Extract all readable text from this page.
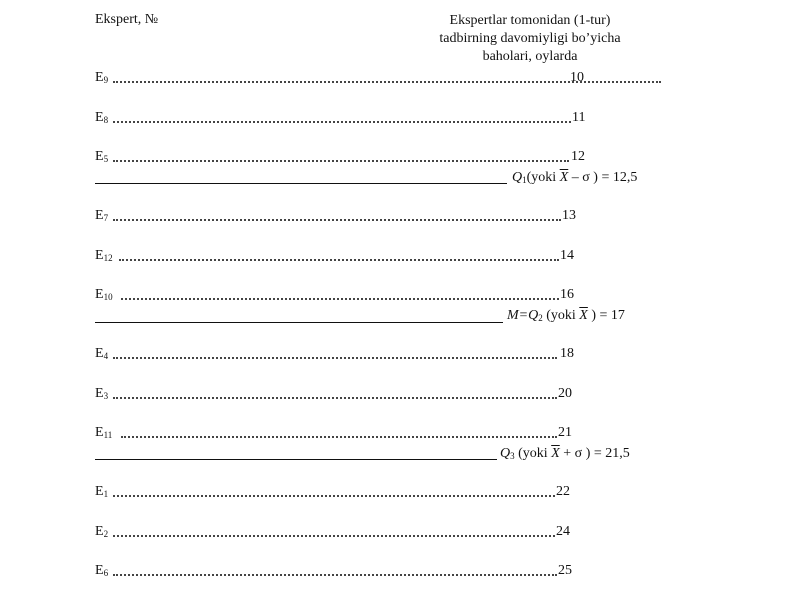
Ekspert, №	Ekspertlar tomonidan (1-tur)
tadbirning davomiyligi bo’yicha
baholari, oylarda
$E_9$	10
$E_8$	11
$E_5$	12
$Q_1(yoki$ $\overline{X}$ – σ ) = 12,5
$E_7$	13
$E_{12}$	14
$E_{10}$	16
$M=Q_2$ (yoki $\overline{X}$ ) = 17
$E_4$	18
$E_3$	20
$E_{11}$	21
$Q_3$ (yoki $\overline{X} + \sigma$ ) = 21,5
$E_1$	22
$E_2$	24
$E_6$	25
